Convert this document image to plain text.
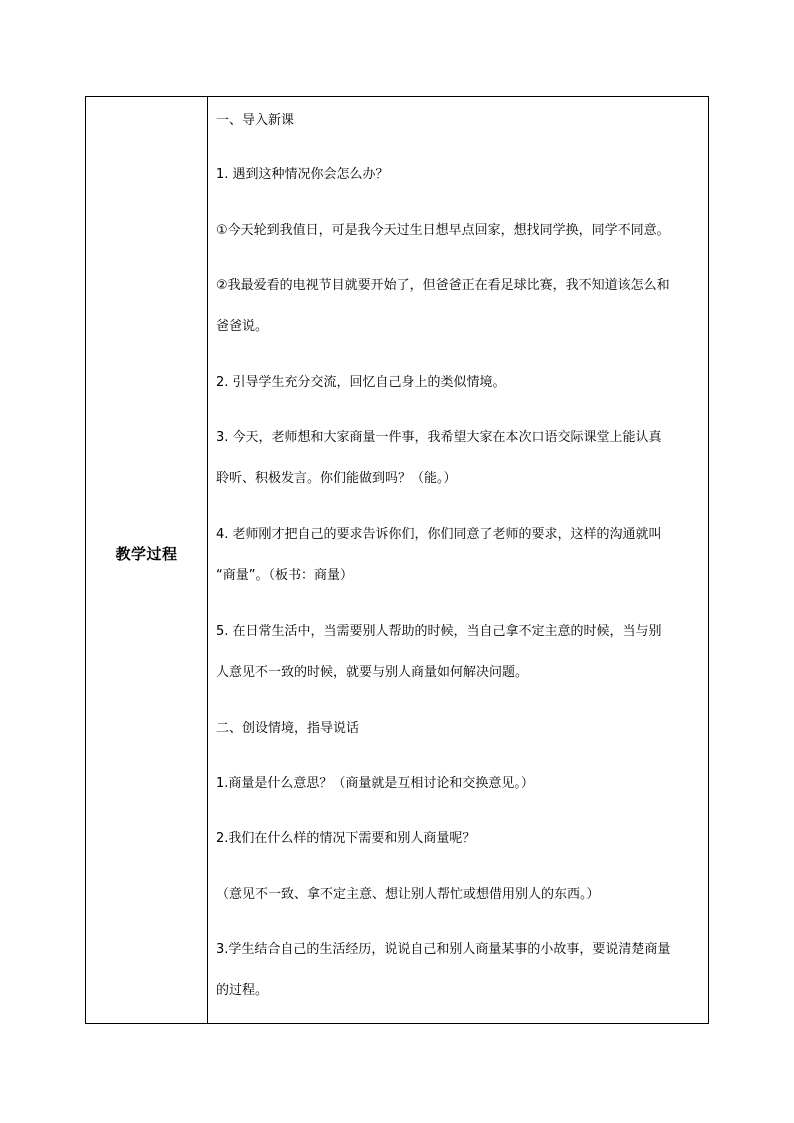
教学过程
一、导入新课
1. 遇到这种情况你会怎么办？
①今天轮到我值日，可是我今天过生日想早点回家，想找同学换，同学不同意。
②我最爱看的电视节目就要开始了，但爸爸正在看足球比赛，我不知道该怎么和
爸爸说。
2. 引导学生充分交流，回忆自己身上的类似情境。
3. 今天，老师想和大家商量一件事，我希望大家在本次口语交际课堂上能认真
聆听、积极发言。你们能做到吗？（能。）
4. 老师刚才把自己的要求告诉你们，你们同意了老师的要求，这样的沟通就叫
“商量”。（板书：商量）
5. 在日常生活中，当需要别人帮助的时候，当自己拿不定主意的时候，当与别
人意见不一致的时候，就要与别人商量如何解决问题。
二、创设情境，指导说话
1.商量是什么意思？（商量就是互相讨论和交换意见。）
2.我们在什么样的情况下需要和别人商量呢？
（意见不一致、拿不定主意、想让别人帮忙或想借用别人的东西。）
3.学生结合自己的生活经历，说说自己和别人商量某事的小故事，要说清楚商量
的过程。
